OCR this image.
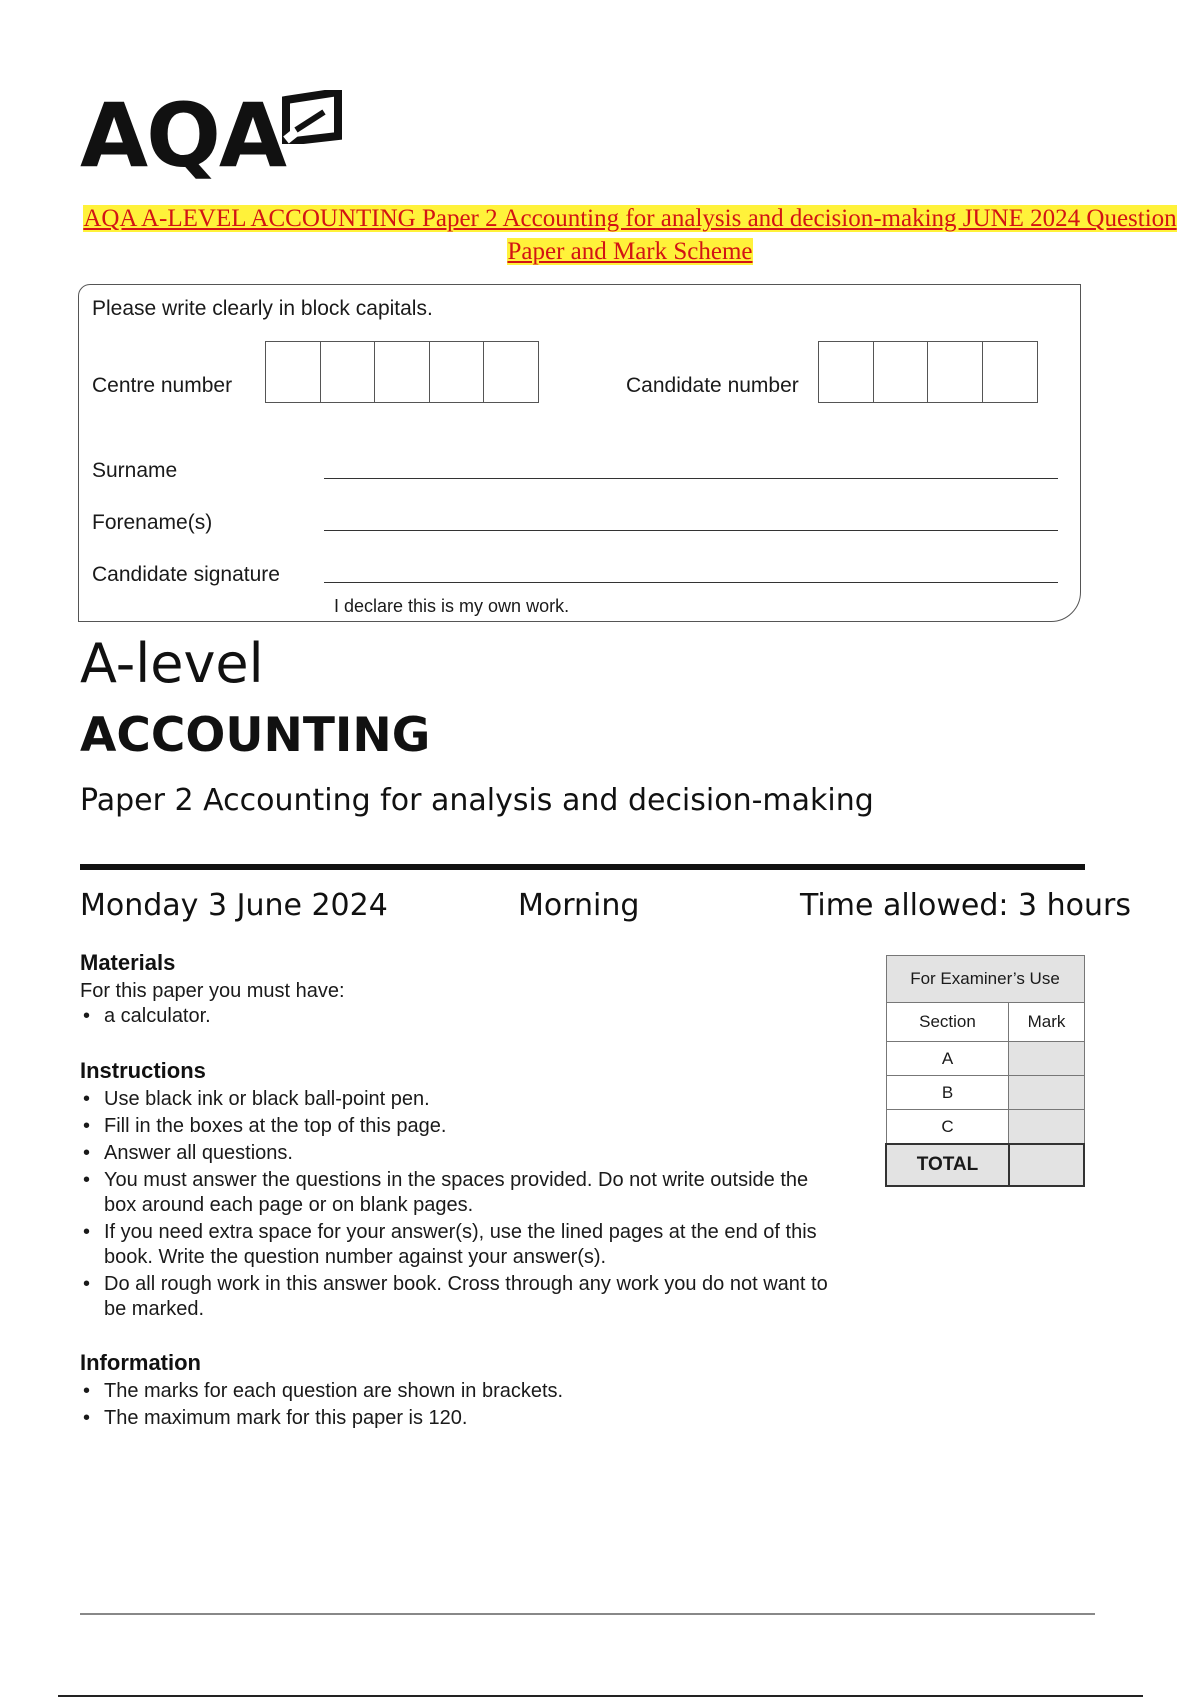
AQA
AQA A-LEVEL ACCOUNTING Paper 2 Accounting for analysis and decision-making JUNE 2024 Question Paper and Mark Scheme
Please write clearly in block capitals.
Centre number	Candidate number
Surname
Forename(s)
Candidate signature
I declare this is my own work.
A-level
ACCOUNTING
Paper 2 Accounting for analysis and decision-making
Monday 3 June 2024	Morning	Time allowed: 3 hours
Materials
For this paper you must have:
• a calculator.
Instructions
• Use black ink or black ball-point pen.
• Fill in the boxes at the top of this page.
• Answer all questions.
• You must answer the questions in the spaces provided. Do not write outside the box around each page or on blank pages.
• If you need extra space for your answer(s), use the lined pages at the end of this book. Write the question number against your answer(s).
• Do all rough work in this answer book. Cross through any work you do not want to be marked.
Information
• The marks for each question are shown in brackets.
• The maximum mark for this paper is 120.
For Examiner’s Use	
Section	Mark
A	
B	
C	
TOTAL	
